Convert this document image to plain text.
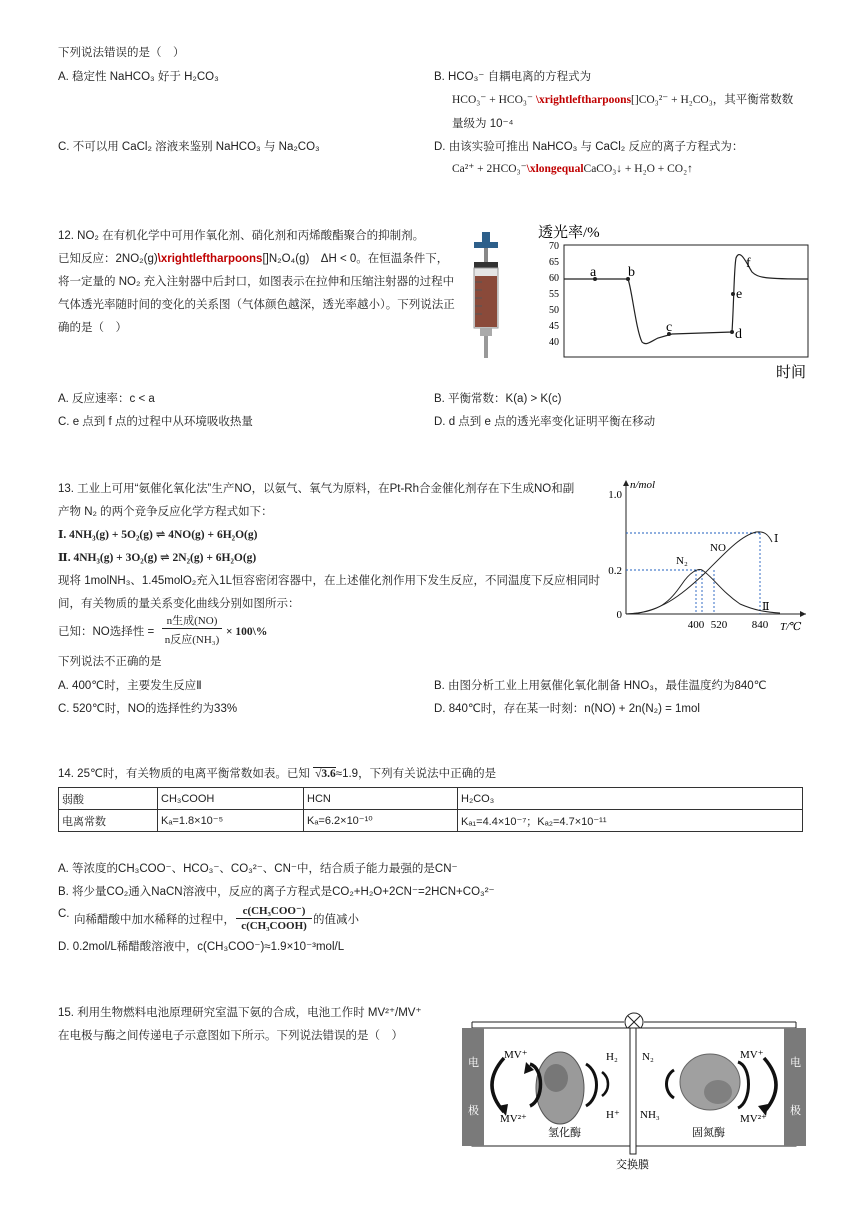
下列说法错误的是（　）
A. 稳定性 NaHCO₃ 好于 H₂CO₃	B. HCO₃⁻ 自耦电离的方程式为
HCO₃⁻ + HCO₃⁻ \xrightleftharpoons[]CO₃²⁻ + H₂CO₃，其平衡常数数
量级为 10⁻⁴
C. 不可以用 CaCl₂ 溶液来鉴别 NaHCO₃ 与 Na₂CO₃	D. 由该实验可推出 NaHCO₃ 与 CaCl₂ 反应的离子方程式为：
Ca²⁺ + 2HCO₃⁻\xlongequalCaCO₃↓ + H₂O + CO₂↑
12. NO₂ 在有机化学中可用作氧化剂、硝化剂和丙烯酸酯聚合的抑制剂。
已知反应：2NO₂(g)\xrightleftharpoons[]N₂O₄(g)　ΔH < 0。在恒温条件下，
将一定量的 NO₂ 充入注射器中后封口，如图表示在拉伸和压缩注射器的过程中
气体透光率随时间的变化的关系图（气体颜色越深，透光率越小）。下列说法正
确的是（　）
透光率/%
70
65
60
55
50
45
40
a b
c	d
e
f
时间
A. 反应速率：c < a	B. 平衡常数：K(a) > K(c)
C. e 点到 f 点的过程中从环境吸收热量	D. d 点到 e 点的透光率变化证明平衡在移动
13. 工业上可用“氨催化氧化法”生产NO，以氨气、氧气为原料，在Pt-Rh合金催化剂存在下生成NO和副
产物 N₂ 的两个竞争反应化学方程式如下：
Ⅰ. 4NH₃(g) + 5O₂(g) ⇌ 4NO(g) + 6H₂O(g)
Ⅱ. 4NH₃(g) + 3O₂(g) ⇌ 2N₂(g) + 6H₂O(g)
现将 1molNH₃、1.45molO₂充入1L恒容密闭容器中，在上述催化剂作用下发生反应，不同温度下反应相同时
间，有关物质的量关系变化曲线分别如图所示：
已知：NO选择性 =
n生成(NO)
n反应(NH₃)
× 100\%
下列说法不正确的是
A. 400℃时，主要发生反应Ⅱ	B. 由图分析工业上用氨催化氧化制备 HNO₃，最佳温度约为840℃
C. 520℃时，NO的选择性约为33%	D. 840℃时，存在某一时刻：n(NO) + 2n(N₂) = 1mol
n/mol
1.0
0.2
0
N₂
NO
Ⅰ
Ⅱ
400 520 840 T/℃
14. 25℃时，有关物质的电离平衡常数如表。已知 √3.6≈1.9，下列有关说法中正确的是
弱酸	CH₃COOH	HCN	H₂CO₃
电离常数	Kₐ=1.8×10⁻⁵	Kₐ=6.2×10⁻¹⁰	Kₐ₁=4.4×10⁻⁷；Kₐ₂=4.7×10⁻¹¹
A. 等浓度的CH₃COO⁻、HCO₃⁻、CO₃²⁻、CN⁻中，结合质子能力最强的是CN⁻
B. 将少量CO₂通入NaCN溶液中，反应的离子方程式是CO₂+H₂O+2CN⁻=2HCN+CO₃²⁻
C. 向稀醋酸中加水稀释的过程中，
c(CH₃COO⁻)
c(CH₃COOH) 的值减小
D. 0.2mol/L稀醋酸溶液中，c(CH₃COO⁻)≈1.9×10⁻³mol/L
15. 利用生物燃料电池原理研究室温下氨的合成，电池工作时 MV²⁺/MV⁺
在电极与酶之间传递电子示意图如下所示。下列说法错误的是（　）
电
极
电
极
MV⁺
MV²⁺
H₂
H⁺
N₂
NH₃
MV⁺
MV²⁺
氢化酶	固氮酶
交换膜
